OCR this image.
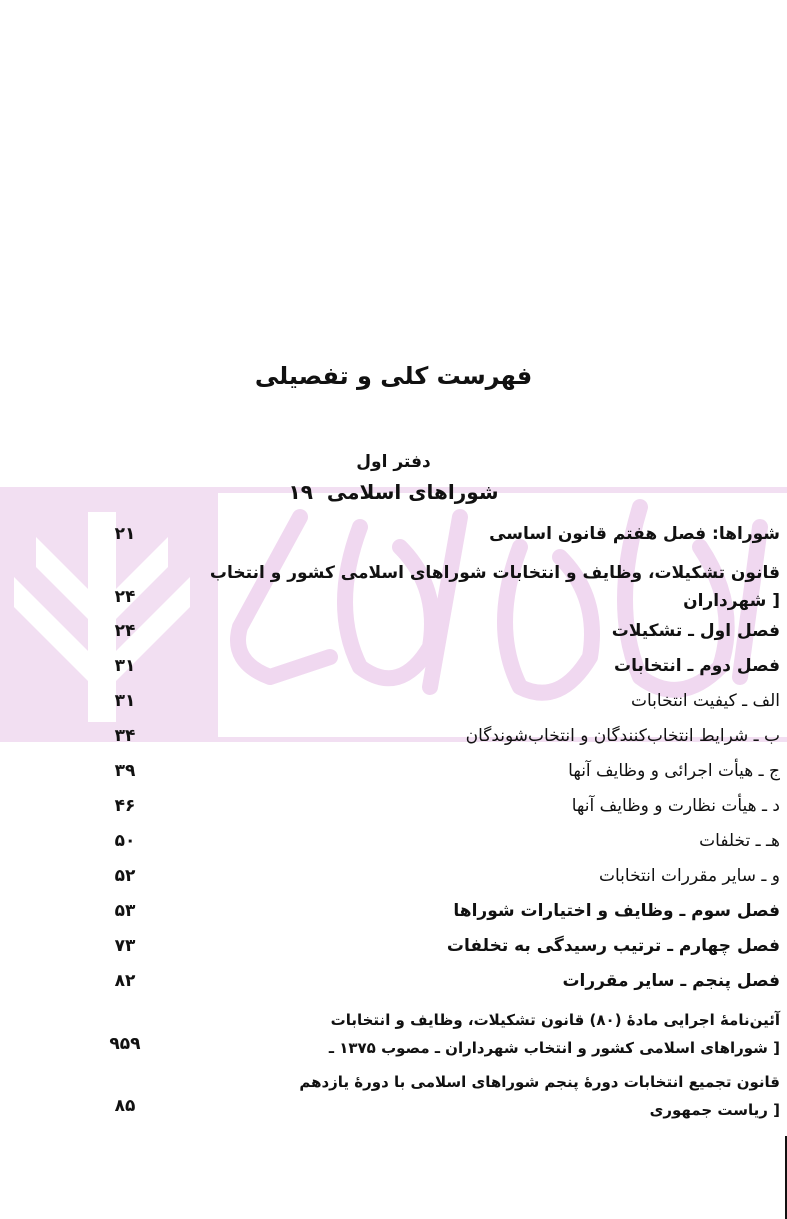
فهرست کلی و تفصیلی
دفتر اول
شوراهای اسلامی۱۹
شوراها: فصل هفتم قانون اساسی
۲۱
قانون تشکیلات، وظایف و انتخابات شوراهای اسلامی کشور و انتخاب
[ شهرداران
۲۴
فصل اول ـ تشکیلات
۲۴
فصل دوم ـ انتخابات
۳۱
الف ـ کیفیت انتخابات
۳۱
ب ـ شرایط انتخاب‌کنندگان و انتخاب‌شوندگان
۳۴
ج ـ هیأت اجرائی و وظایف آنها
۳۹
د ـ هیأت نظارت و وظایف آنها
۴۶
هـ ـ تخلفات
۵۰
و ـ سایر مقررات انتخابات
۵۲
فصل سوم ـ وظایف و اختیارات شوراها
۵۳
فصل چهارم ـ ترتیب رسیدگی به تخلفات
۷۳
فصل پنجم ـ سایر مقررات
۸۲
آئین‌نامهٔ اجرایی مادهٔ (۸۰) قانون تشکیلات، وظایف و انتخابات
[ شوراهای اسلامی کشور و انتخاب شهرداران ـ مصوب ۱۳۷۵ ـ
۹۵۹
قانون تجمیع انتخابات دورهٔ پنجم شوراهای اسلامی با دورهٔ یازدهم
[ ریاست جمهوری
۸۵
